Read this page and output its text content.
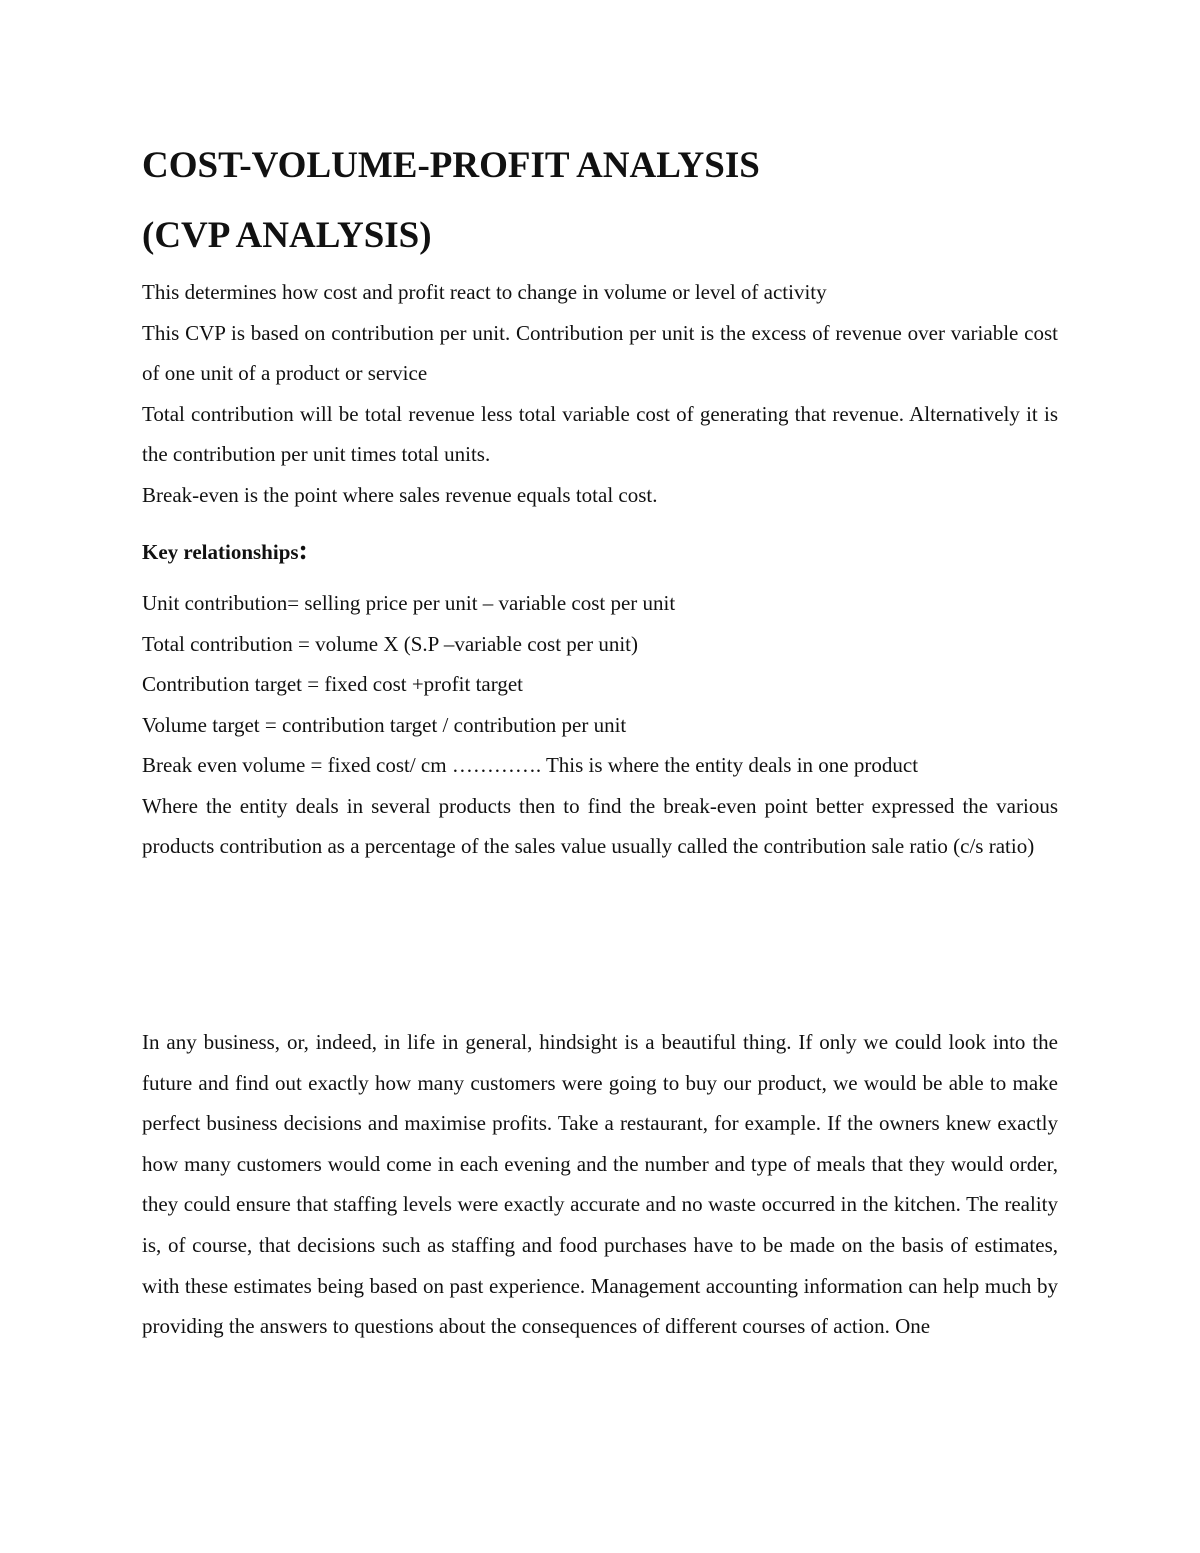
COST-VOLUME-PROFIT ANALYSIS
(CVP ANALYSIS)

This determines how cost and profit react to change in volume or level of activity

This CVP is based on contribution per unit. Contribution per unit is the excess of revenue over variable cost of one unit of a product or service

Total contribution will be total revenue less total variable cost of generating that revenue. Alternatively it is the contribution per unit times total units.

Break-even is the point where sales revenue equals total cost.

Key relationships:

Unit contribution= selling price per unit – variable cost per unit

Total contribution = volume X (S.P –variable cost per unit)

Contribution target = fixed cost +profit target

Volume target = contribution target / contribution per unit

Break even volume = fixed cost/ cm …………. This is where the entity deals in one product

Where the entity deals in several products then to find the break-even point better expressed the various products contribution as a percentage of the sales value usually called the contribution sale ratio (c/s ratio)

In any business, or, indeed, in life in general, hindsight is a beautiful thing. If only we could look into the future and find out exactly how many customers were going to buy our product, we would be able to make perfect business decisions and maximise profits. Take a restaurant, for example. If the owners knew exactly how many customers would come in each evening and the number and type of meals that they would order, they could ensure that staffing levels were exactly accurate and no waste occurred in the kitchen. The reality is, of course, that decisions such as staffing and food purchases have to be made on the basis of estimates, with these estimates being based on past experience. Management accounting information can help much by providing the answers to questions about the consequences of different courses of action. One
